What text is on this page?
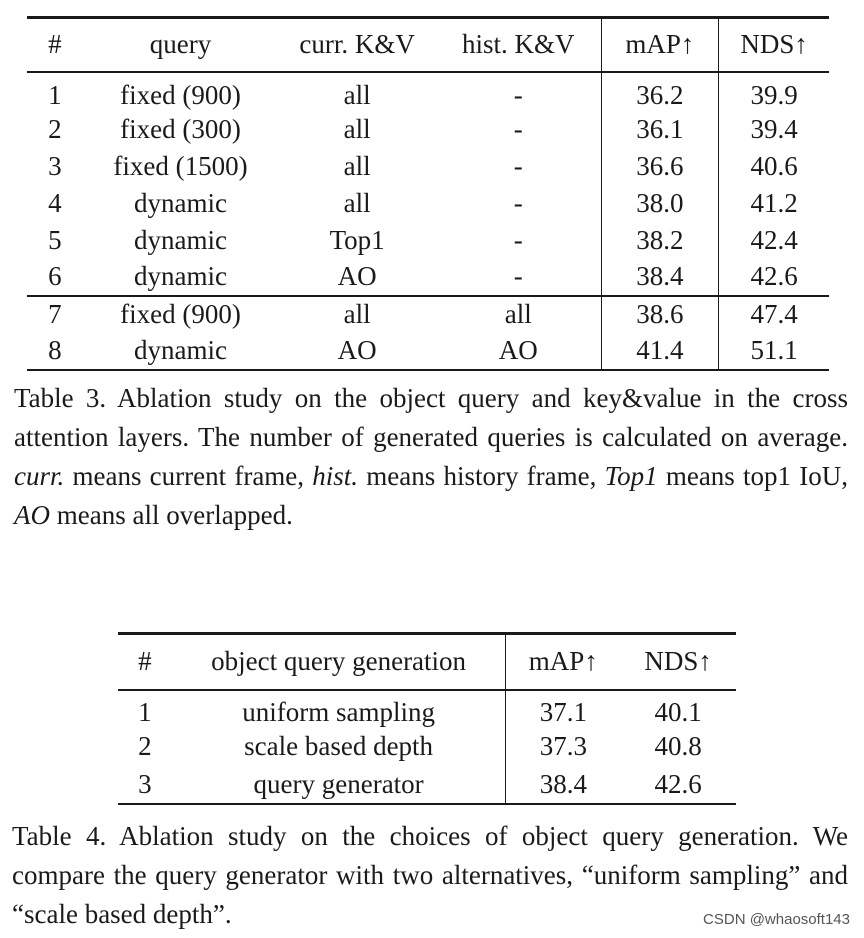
#	query	curr. K&V	hist. K&V	mAP↑	NDS↑
1	fixed (900)	all	-	36.2	39.9
2	fixed (300)	all	-	36.1	39.4
3	fixed (1500)	all	-	36.6	40.6
4	dynamic	all	-	38.0	41.2
5	dynamic	Top1	-	38.2	42.4
6	dynamic	AO	-	38.4	42.6
7	fixed (900)	all	all	38.6	47.4
8	dynamic	AO	AO	41.4	51.1
Table 3. Ablation study on the object query and key&value in the cross attention layers. The number of generated queries is calculated on average. curr. means current frame, hist. means history frame, Top1 means top1 IoU, AO means all overlapped.
#	object query generation	mAP↑	NDS↑
1	uniform sampling	37.1	40.1
2	scale based depth	37.3	40.8
3	query generator	38.4	42.6
Table 4. Ablation study on the choices of object query generation. We compare the query generator with two alternatives, “uniform sampling” and “scale based depth”.	CSDN @whaosoft143
